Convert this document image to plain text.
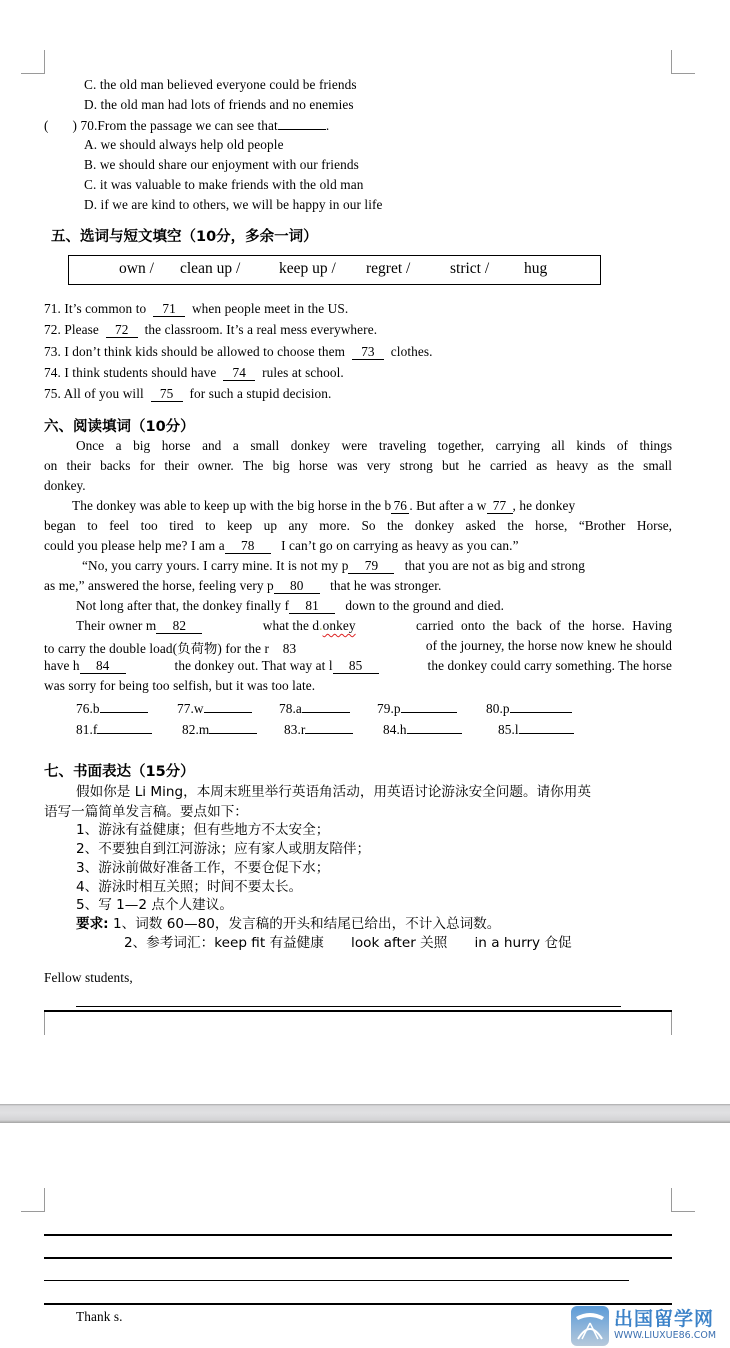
C. the old man believed everyone could be friends
D. the old man had lots of friends and no enemies
( ) 70.From the passage we can see that	.
A. we should always help old people
B. we should share our enjoyment with our friends
C. it was valuable to make friends with the old man
D. if we are kind to others, we will be happy in our life
五、选词与短文填空（10分，多余一词）
own / clean up / keep up / regret /	strict / hug
71. It’s common to 71 when people meet in the US.
72. Please 72 the classroom. It’s a real mess everywhere.
73. I don’t think kids should be allowed to choose them 73 clothes.
74. I think students should have 74 rules at school.
75. All of you will 75 for such a stupid decision.
六、阅读填词（10分）
Once a big horse and a small donkey were traveling together, carrying all kinds of things
on their backs for their owner. The big horse was very strong but he carried as heavy as the small
donkey.
The donkey was able to keep up with the big horse in the b 76 . But after a w 77 , he donkey
began to feel too tired to keep up any more. So the donkey asked the horse, “Brother Horse,
could you please help me? I am a 78 I can’t go on carrying as heavy as you can.”
“No, you carry yours. I carry mine. It is not my p 79 that you are not as big and strong
as me,” answered the horse, feeling very p 80 that he was stronger.
Not long after that, the donkey finally f 81 down to the ground and died.
Their owner m 82	what the d.onkey	carried onto the back of the horse. Having
to carry the double load(负荷物) for the r 83	of the journey, the horse now knew he should
have h 84	the donkey out. That way at l 85	the donkey could carry something. The horse
was sorry for being too selfish, but it was too late.
76.b	77.w	78.a	79.p	80.p
81.f	82.m	83.r	84.h	85.l
七、书面表达（15分）
假如你是 Li Ming，本周末班里举行英语角活动，用英语讨论游泳安全问题。请你用英
语写一篇简单发言稿。要点如下：
1、游泳有益健康；但有些地方不太安全；
2、不要独自到江河游泳；应有家人或朋友陪伴；
3、游泳前做好准备工作，不要仓促下水；
4、游泳时相互关照；时间不要太长。
5、写 1—2 点个人建议。
要求: 1、词数 60—80，发言稿的开头和结尾已给出，不计入总词数。
2、参考词汇：keep fit 有益健康　　look after 关照　　in a hurry 仓促
Fellow students,
Thank s.	出国留学网
WWW.LIUXUE86.COM
